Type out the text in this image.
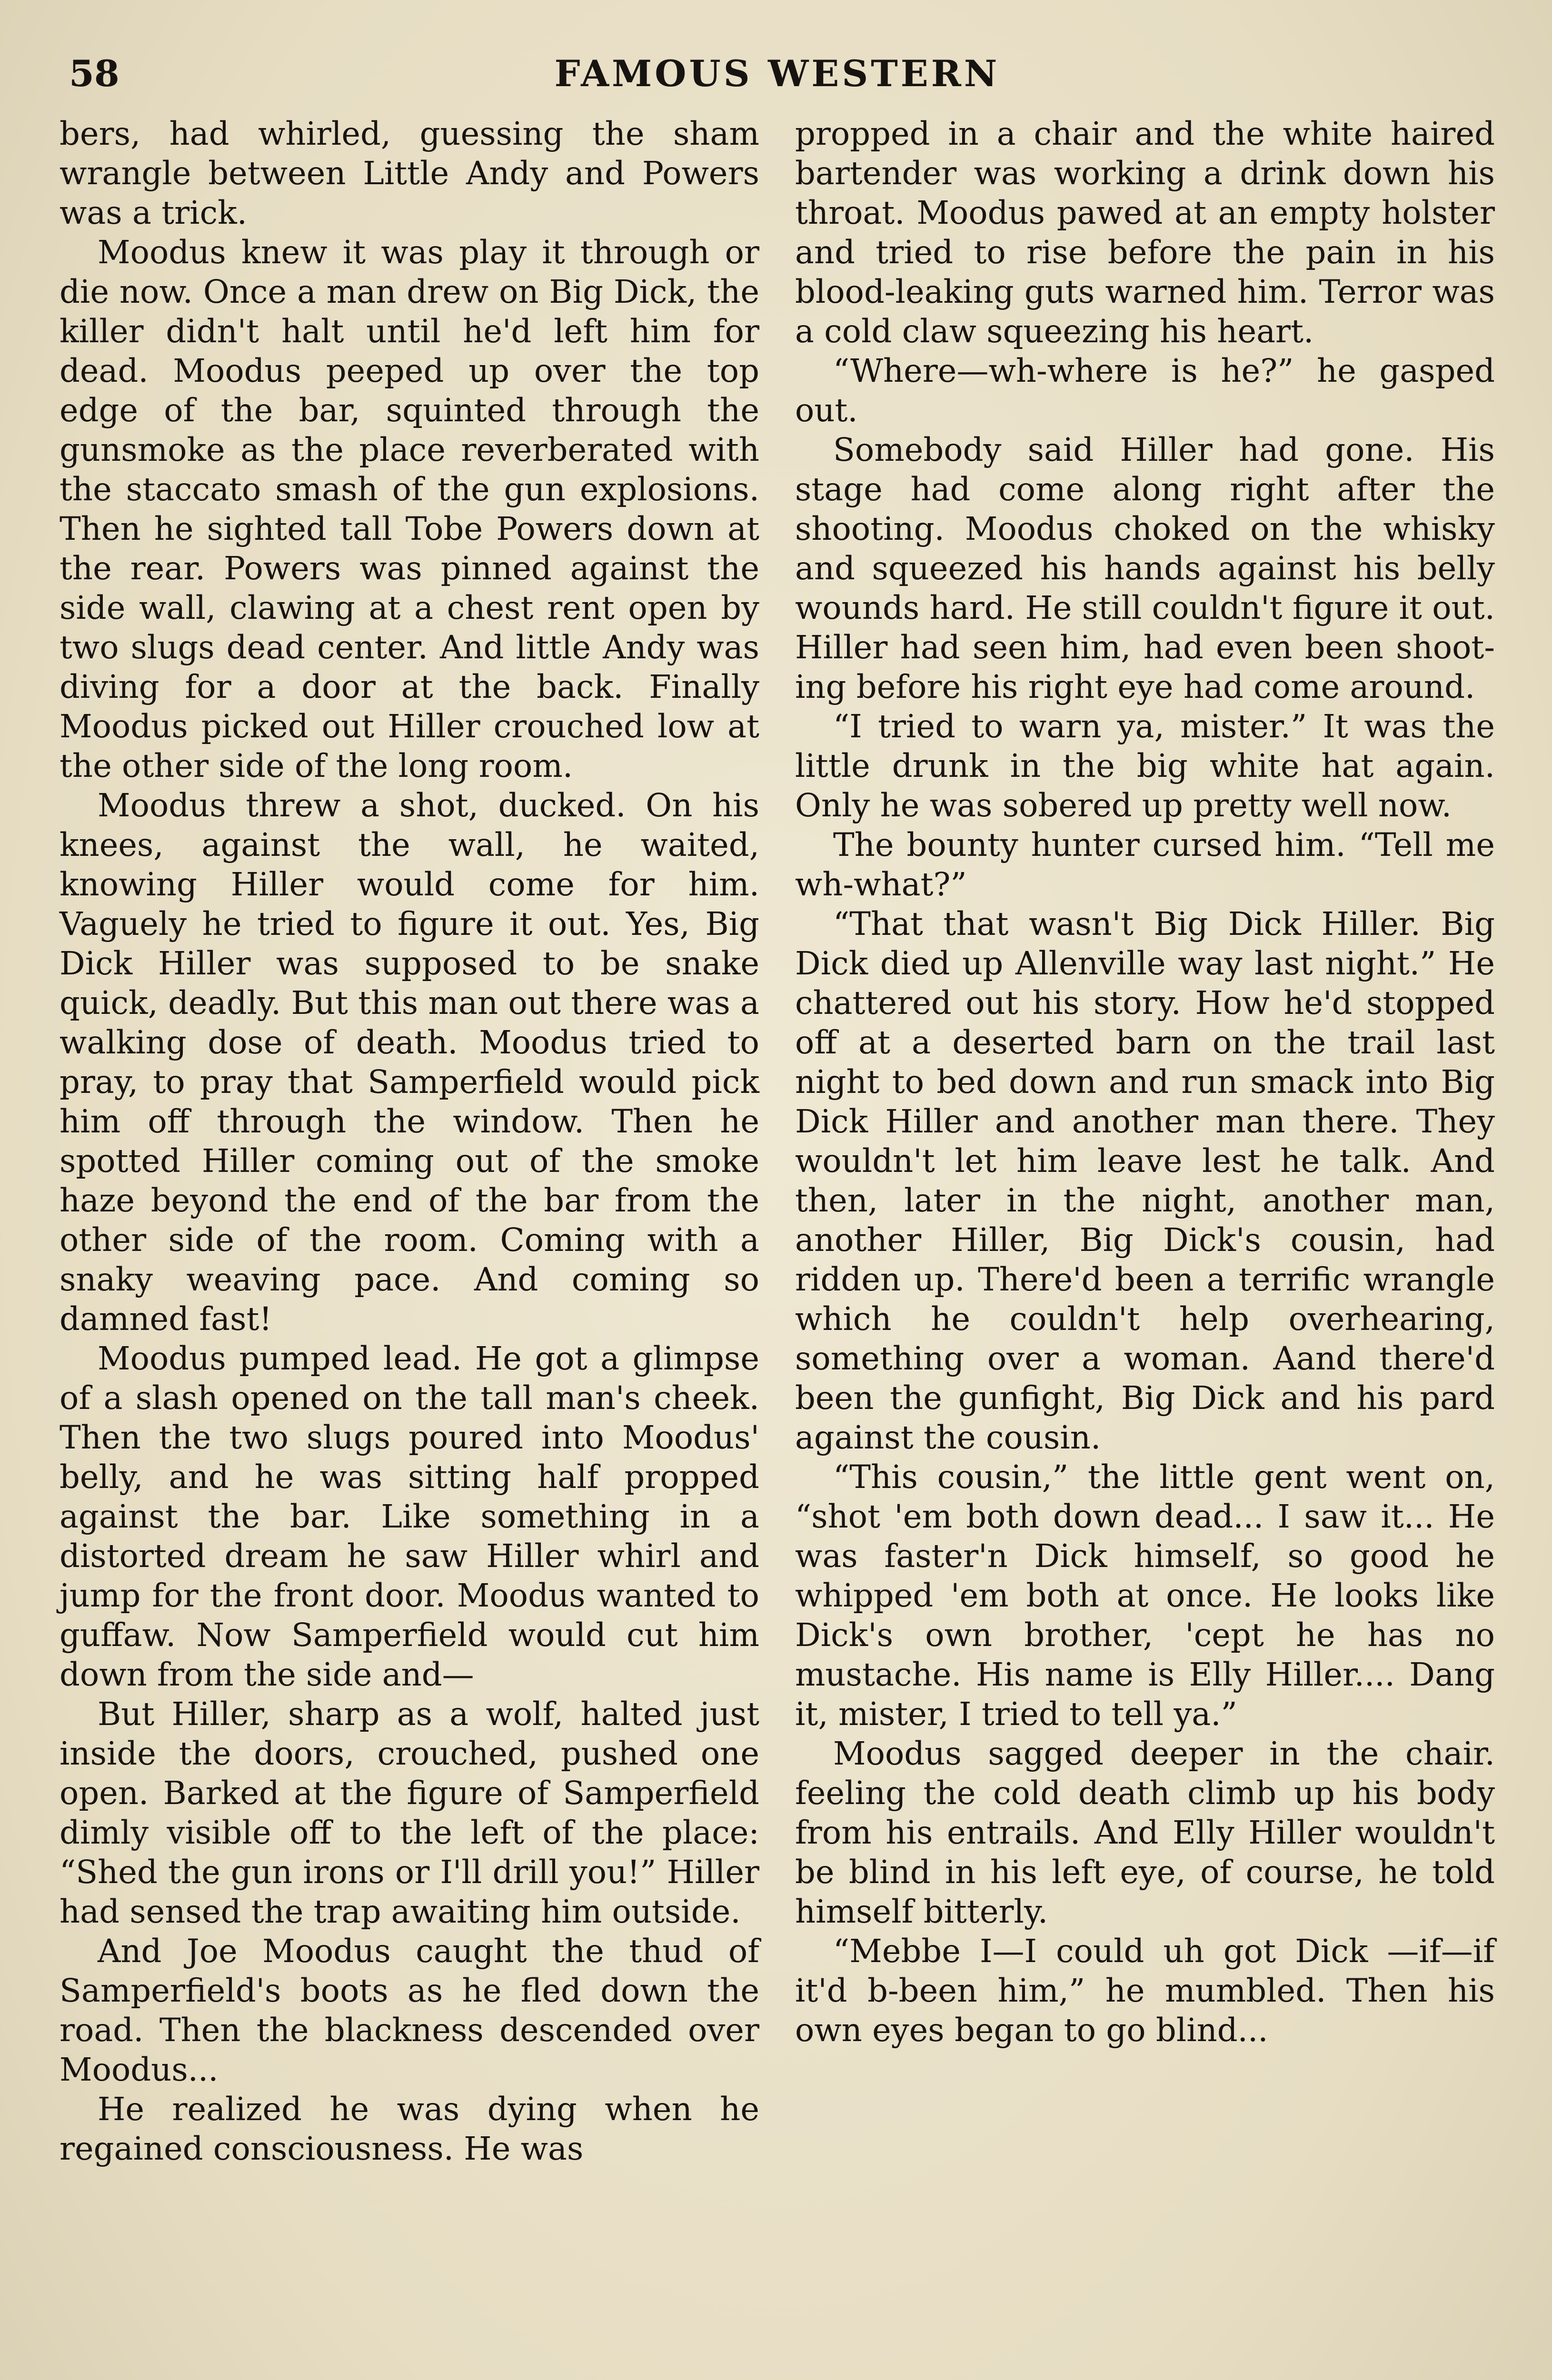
58	FAMOUS WESTERN

bers, had whirled, guessing the sham wrangle between Little Andy and Powers was a trick.

Moodus knew it was play it through or die now. Once a man drew on Big Dick, the killer didn't halt until he'd left him for dead. Moodus peeped up over the top edge of the bar, squinted through the gunsmoke as the place reverberated with the staccato smash of the gun explosions. Then he sighted tall Tobe Powers down at the rear. Powers was pinned against the side wall, clawing at a chest rent open by two slugs dead center. And little Andy was diving for a door at the back. Finally Moodus picked out Hiller crouched low at the other side of the long room.

Moodus threw a shot, ducked. On his knees, against the wall, he waited, knowing Hiller would come for him. Vaguely he tried to figure it out. Yes, Big Dick Hiller was supposed to be snake quick, deadly. But this man out there was a walking dose of death. Moodus tried to pray, to pray that Samperfield would pick him off through the window. Then he spotted Hiller coming out of the smoke haze beyond the end of the bar from the other side of the room. Coming with a snaky weaving pace. And coming so damned fast!

Moodus pumped lead. He got a glimpse of a slash opened on the tall man's cheek. Then the two slugs poured into Moodus' belly, and he was sitting half propped against the bar. Like something in a distorted dream he saw Hiller whirl and jump for the front door. Moodus wanted to guffaw. Now Samperfield would cut him down from the side and—

But Hiller, sharp as a wolf, halted just inside the doors, crouched, pushed one open. Barked at the figure of Samperfield dimly visible off to the left of the place: “Shed the gun irons or I'll drill you!” Hiller had sensed the trap awaiting him outside.

And Joe Moodus caught the thud of Samperfield's boots as he fled down the road. Then the blackness descended over Moodus...

He realized he was dying when he regained consciousness. He was

propped in a chair and the white haired bartender was working a drink down his throat. Moodus pawed at an empty holster and tried to rise before the pain in his blood-leaking guts warned him. Terror was a cold claw squeezing his heart.

“Where—wh-where is he?” he gasped out.

Somebody said Hiller had gone. His stage had come along right after the shooting. Moodus choked on the whisky and squeezed his hands against his belly wounds hard. He still couldn't figure it out. Hiller had seen him, had even been shooting before his right eye had come around.

“I tried to warn ya, mister.” It was the little drunk in the big white hat again. Only he was sobered up pretty well now.

The bounty hunter cursed him. “Tell me wh-what?”

“That that wasn't Big Dick Hiller. Big Dick died up Allenville way last night.” He chattered out his story. How he'd stopped off at a deserted barn on the trail last night to bed down and run smack into Big Dick Hiller and another man there. They wouldn't let him leave lest he talk. And then, later in the night, another man, another Hiller, Big Dick's cousin, had ridden up. There'd been a terrific wrangle which he couldn't help overhearing, something over a woman. Aand there'd been the gunfight, Big Dick and his pard against the cousin.

“This cousin,” the little gent went on, “shot 'em both down dead... I saw it... He was faster'n Dick himself, so good he whipped 'em both at once. He looks like Dick's own brother, 'cept he has no mustache. His name is Elly Hiller.... Dang it, mister, I tried to tell ya.”

Moodus sagged deeper in the chair. feeling the cold death climb up his body from his entrails. And Elly Hiller wouldn't be blind in his left eye, of course, he told himself bitterly.

“Mebbe I—I could uh got Dick —if—if it'd b-been him,” he mumbled. Then his own eyes began to go blind...
